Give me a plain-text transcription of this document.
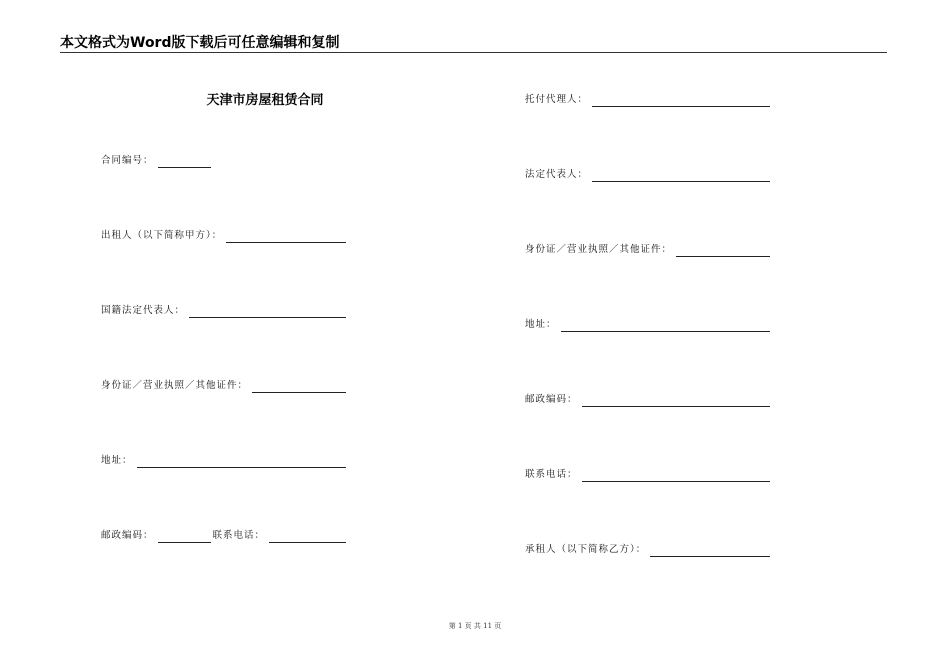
本文格式为Word版下载后可任意编辑和复制
天津市房屋租赁合同
合同编号：
出租人（以下简称甲方）：
国籍法定代表人：
身份证／营业执照／其他证件：
地址：
邮政编码：	联系电话：
托付代理人：
法定代表人：
身份证／营业执照／其他证件：
地址：
邮政编码：
联系电话：
承租人（以下简称乙方）：
第 1 页 共 11 页
